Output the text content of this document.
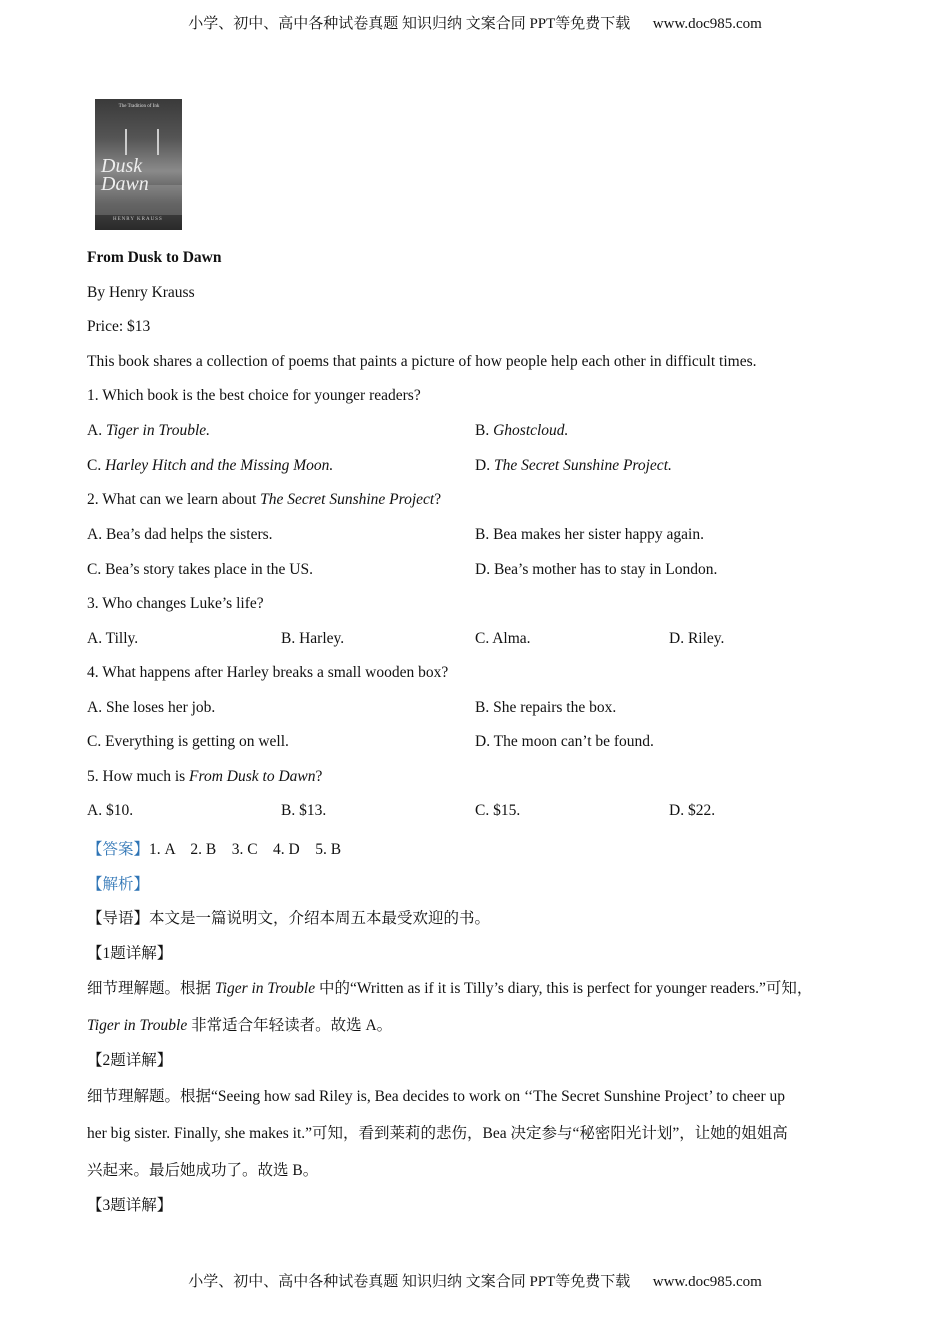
小学、初中、高中各种试卷真题 知识归纳 文案合同 PPT等免费下载 www.doc985.com
The Tradition of Ink
Dusk Dawn
HENRY KRAUSS
From Dusk to Dawn
By Henry Krauss
Price: $13
This book shares a collection of poems that paints a picture of how people help each other in difficult times.
1. Which book is the best choice for younger readers?
A. Tiger in Trouble.	B. Ghostcloud.
C. Harley Hitch and the Missing Moon.	D. The Secret Sunshine Project.
2. What can we learn about The Secret Sunshine Project?
A. Bea’s dad helps the sisters.	B. Bea makes her sister happy again.
C. Bea’s story takes place in the US.	D. Bea’s mother has to stay in London.
3. Who changes Luke’s life?
A. Tilly.	B. Harley.	C. Alma.	D. Riley.
4. What happens after Harley breaks a small wooden box?
A. She loses her job.	B. She repairs the box.
C. Everything is getting on well.	D. The moon can’t be found.
5. How much is From Dusk to Dawn?
A. $10.	B. $13.	C. $15.	D. $22.
【答案】1. A    2. B    3. C    4. D    5. B
【解析】
【导语】本文是一篇说明文，介绍本周五本最受欢迎的书。
【1题详解】
细节理解题。根据 Tiger in Trouble 中的“Written as if it is Tilly’s diary, this is perfect for younger readers.”可知，
Tiger in Trouble 非常适合年轻读者。故选 A。
【2题详解】
细节理解题。根据“Seeing how sad Riley is, Bea decides to work on ‘‘The Secret Sunshine Project’ to cheer up
her big sister. Finally, she makes it.”可知，看到莱莉的悲伤，Bea 决定参与“秘密阳光计划”，让她的姐姐高
兴起来。最后她成功了。故选 B。
【3题详解】
小学、初中、高中各种试卷真题 知识归纳 文案合同 PPT等免费下载 www.doc985.com
